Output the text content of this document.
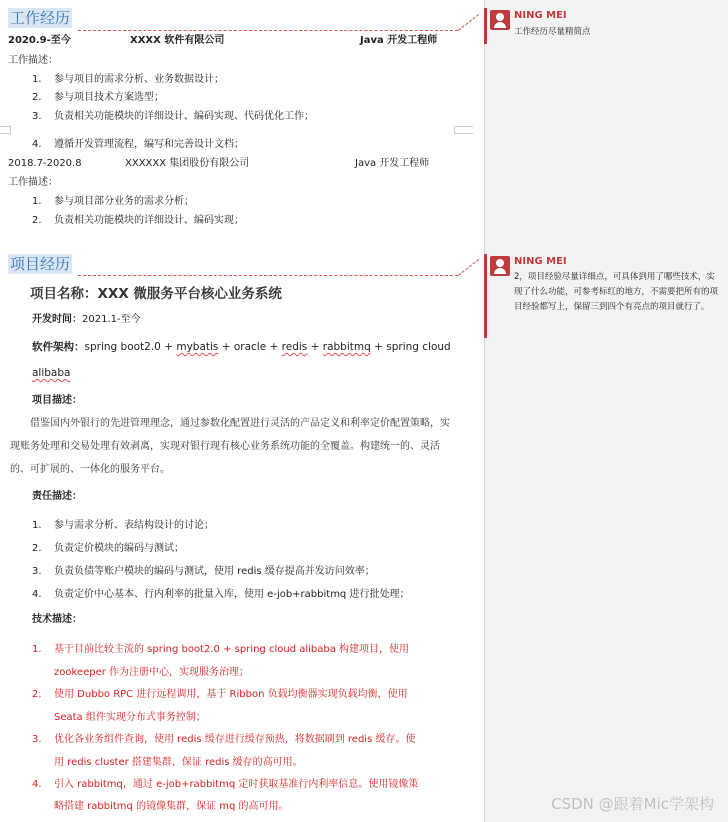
工作经历
2020.9-至今	XXXX 软件有限公司	Java 开发工程师
工作描述：
1. 参与项目的需求分析、业务数据设计；
2. 参与项目技术方案选型；
3. 负责相关功能模块的详细设计、编码实现、代码优化工作；
4. 遵循开发管理流程，编写和完善设计文档；
2018.7-2020.8	XXXXXX 集团股份有限公司	Java 开发工程师
工作描述：
1. 参与项目部分业务的需求分析；
2. 负责相关功能模块的详细设计、编码实现；
项目经历
项目名称：XXX 微服务平台核心业务系统
开发时间：2021.1-至今
软件架构：spring boot2.0 + mybatis + oracle + redis + rabbitmq + spring cloud
alibaba
项目描述：
借鉴国内外银行的先进管理理念，通过参数化配置进行灵活的产品定义和利率定价配置策略，实现账务处理和交易处理有效剥离，实现对银行现有核心业务系统功能的全覆盖。构建统一的、灵活的、可扩展的、一体化的服务平台。
责任描述：
1. 参与需求分析、表结构设计的讨论；
2. 负责定价模块的编码与测试；
3. 负责负债等账户模块的编码与测试，使用 redis 缓存提高并发访问效率；
4. 负责定价中心基本、行内利率的批量入库，使用 e-job+rabbitmq 进行批处理；
技术描述：
1. 基于目前比较主流的 spring boot2.0 + spring cloud alibaba 构建项目，使用
zookeeper 作为注册中心，实现服务治理；
2. 使用 Dubbo RPC 进行远程调用，基于 Ribbon 负载均衡器实现负载均衡，使用
Seata 组件实现分布式事务控制；
3. 优化各业务组件查询，使用 redis 缓存进行缓存预热，将数据刷到 redis 缓存。使
用 redis cluster 搭建集群，保证 redis 缓存的高可用。
4. 引入 rabbitmq，通过 e-job+rabbitmq 定时获取基准行内利率信息。使用镜像策
略搭建 rabbitmq 的镜像集群，保证 mq 的高可用。
NING MEI
工作经历尽量精简点
NING MEI
2，项目经验尽量详细点，可具体到用了哪些技术，实现了什么功能，可参考标红的地方，不需要把所有的项目经验都写上，保留三到四个有亮点的项目就行了。
CSDN @跟着Mic学架构
